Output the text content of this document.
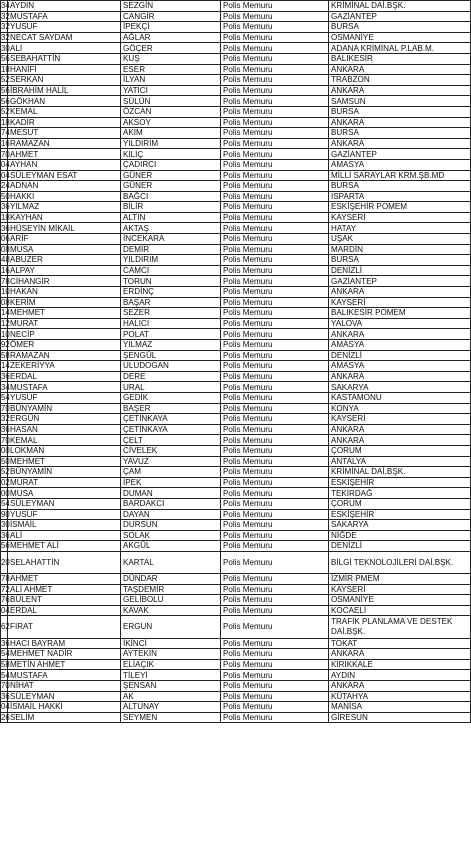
34	AYDIN	SEZGİN	Polis Memuru	KRİMİNAL DAİ.BŞK.
32	MUSTAFA	CANGİR	Polis Memuru	GAZİANTEP
32	YUSUF	İPEKÇİ	Polis Memuru	BURSA
32	NECAT SAYDAM	AĞLAR	Polis Memuru	OSMANİYE
30	ALİ	GÖÇER	Polis Memuru	ADANA KRİMİNAL P.LAB.M.
56	SEBAHATTİN	KUŞ	Polis Memuru	BALIKESİR
18	HANİFİ	ESER	Polis Memuru	ANKARA
52	SERKAN	İLYAN	Polis Memuru	TRABZON
56	İBRAHİM HALİL	YATICI	Polis Memuru	ANKARA
56	GÖKHAN	SÜLÜN	Polis Memuru	SAMSUN
52	KEMAL	ÖZCAN	Polis Memuru	BURSA
18	KADİR	AKSOY	Polis Memuru	ANKARA
74	MESUT	AKIM	Polis Memuru	BURSA
16	RAMAZAN	YILDIRIM	Polis Memuru	ANKARA
70	AHMET	KILIÇ	Polis Memuru	GAZİANTEP
04	AYHAN	ÇADIRCI	Polis Memuru	AMASYA
04	SÜLEYMAN ESAT	GÜNER	Polis Memuru	MİLLİ SARAYLAR KRM.ŞB.MD
24	ADNAN	GÜNER	Polis Memuru	BURSA
50	HAKKI	BAĞCI	Polis Memuru	ISPARTA
36	YILMAZ	BİLİR	Polis Memuru	ESKİŞEHİR POMEM
18	KAYHAN	ALTIN	Polis Memuru	KAYSERİ
36	HÜSEYİN MİKAİL	AKTAŞ	Polis Memuru	HATAY
06	ARİF	İNCEKARA	Polis Memuru	UŞAK
08	MUSA	DEMİR	Polis Memuru	MARDİN
48	ABUZER	YILDIRIM	Polis Memuru	BURSA
16	ALPAY	CAMCI	Polis Memuru	DENİZLİ
78	CİHANGİR	TORUN	Polis Memuru	GAZİANTEP
10	HAKAN	ERDİNÇ	Polis Memuru	ANKARA
08	KERİM	BAŞAR	Polis Memuru	KAYSERİ
14	MEHMET	SEZER	Polis Memuru	BALIKESİR POMEM
12	MURAT	HALICI	Polis Memuru	YALOVA
10	NECİP	POLAT	Polis Memuru	ANKARA
92	ÖMER	YILMAZ	Polis Memuru	AMASYA
58	RAMAZAN	ŞENGÜL	Polis Memuru	DENİZLİ
14	ZEKERİYYA	ULUDOGAN	Polis Memuru	AMASYA
36	ERDAL	DERE	Polis Memuru	ANKARA
34	MUSTAFA	URAL	Polis Memuru	SAKARYA
54	YUSUF	GEDİK	Polis Memuru	KASTAMONU
70	BÜNYAMİN	BAŞER	Polis Memuru	KONYA
32	ERGÜN	ÇETİNKAYA	Polis Memuru	KAYSERİ
36	HASAN	ÇETİNKAYA	Polis Memuru	ANKARA
70	KEMAL	ÇELT	Polis Memuru	ANKARA
00	LOKMAN	CİVELEK	Polis Memuru	ÇORUM
50	MEHMET	YAVUZ	Polis Memuru	ANTALYA
52	BÜNYAMİN	ÇAM	Polis Memuru	KRİMİNAL DAİ.BŞK.
02	MURAT	İPEK	Polis Memuru	ESKİŞEHİR
00	MUSA	DUMAN	Polis Memuru	TEKİRDAĞ
54	SÜLEYMAN	BARDAKCI	Polis Memuru	ÇORUM
90	YUSUF	DAYAN	Polis Memuru	ESKİŞEHİR
30	İSMAİL	DURSUN	Polis Memuru	SAKARYA
36	ALİ	SOLAK	Polis Memuru	NİĞDE
56	MEHMET ALİ	AKGÜL	Polis Memuru	DENİZLİ
20	SELAHATTİN	KARTAL	Polis Memuru	BİLGİ TEKNOLOJİLERİ DAİ.BŞK.
78	AHMET	DÜNDAR	Polis Memuru	İZMİR PMEM
72	ALİ AHMET	TAŞDEMİR	Polis Memuru	KAYSERİ
76	BÜLENT	GELİBOLU	Polis Memuru	OSMANİYE
04	ERDAL	KAVAK	Polis Memuru	KOCAELİ
62	FIRAT	ERGUN	Polis Memuru	TRAFİK PLANLAMA VE DESTEK DAİ.BŞK.
36	HACI BAYRAM	İKİNCİ	Polis Memuru	TOKAT
54	MEHMET NADİR	AYTEKİN	Polis Memuru	ANKARA
58	METİN AHMET	ELİAÇIK	Polis Memuru	KIRIKKALE
54	MUSTAFA	TİLEYİ	Polis Memuru	AYDIN
70	NİHAT	ŞENSAN	Polis Memuru	ANKARA
36	SÜLEYMAN	AK	Polis Memuru	KÜTAHYA
04	İSMAİL HAKKI	ALTUNAY	Polis Memuru	MANİSA
26	SELİM	SEYMEN	Polis Memuru	GİRESUN
